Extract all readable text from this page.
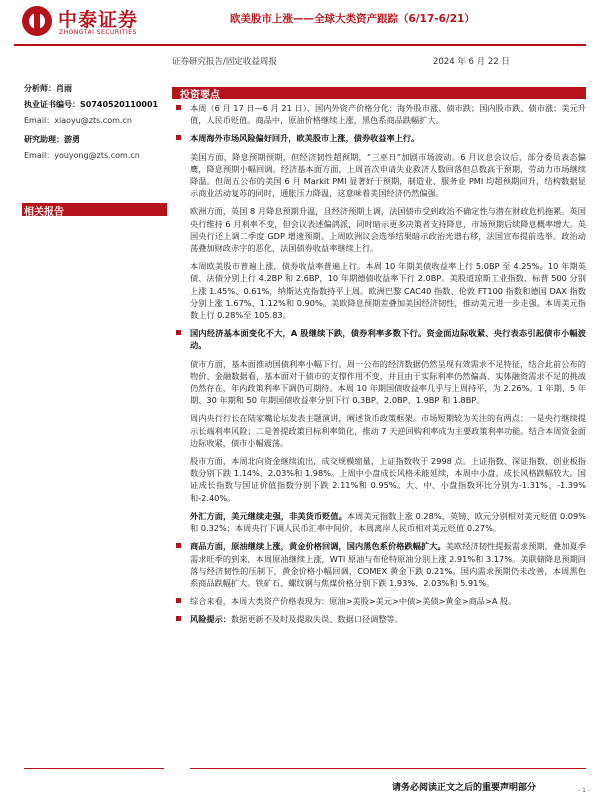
中泰证券
ZHONGTAI SECURITIES
欧美股市上涨——全球大类资产跟踪（6/17-6/21）
证券研究报告/固定收益周报	2024 年 6 月 22 日
分析师：肖雨
执业证书编号：S0740520110001
Email：xiaoyu@zts.com.cn
研究助理：游勇
Email：youyong@zts.com.cn
相关报告
投资要点
本周（6 月 17 日—6 月 21 日），国内外资产价格分化：海外股市涨、债市跌；国内股市跌、债市涨；美元升值，人民币贬值。商品中，原油价格继续上涨，黑色系商品跌幅扩大。
本周海外市场风险偏好回升，欧美股市上涨，债券收益率上行。
美国方面，降息预期预期，但经济韧性超预期，“三巫日”加剧市场波动。6 月议息会议后，部分委员表态偏鹰，降息预期小幅回调。经济基本面方面，上周首次申请失业救济人数回落但总数高于预期，劳动力市场继续降温。但周五公布的美国 6 月 Markit PMI 显著好于预期，制造业、服务业 PMI 均超预期回升，结构数据显示商业活动复苏的同时，通胀压力降温，这意味着美国经济仍然偏强。
欧洲方面，英国 8 月降息预期升温，且经济预期上调，法国债市受到政治不确定性与潜在财政危机拖累。英国央行维持 6 月利率不变，但会议表述偏鸽派，同时暗示更多决策者支持降息，市场预期后续降息概率增大。英国央行还上调二季度 GDP 增速预期。上周欧洲议会选举结果暗示政治光谱右移，法国宣布提前选举。政治动荡叠加财政赤字的恶化，法国债券收益率继续上行。
本周欧美股市普遍上涨，债券收益率普遍上行。本周 10 年期美债收益率上行 5.0BP 至 4.25%。10 年期英债、法债分别上行 4.2BP 和 2.6BP，10 年期德债收益率下行 2.0BP。美股道琼斯工业指数、标普 500 分别上涨 1.45%、0.61%，纳斯达克指数持平上周。欧洲巴黎 CAC40 指数、伦敦 FT100 指数和德国 DAX 指数分别上涨 1.67%、1.12%和 0.90%。美欧降息预期差叠加美国经济韧性，推动美元进一步走强。本周美元指数上行 0.28%至 105.83。
国内经济基本面变化不大，A 股继续下跌，债券利率多数下行。资金面边际收紧、央行表态引起债市小幅波动。
债市方面，基本面推动国债利率小幅下行。周一公布的经济数据仍然呈现有效需求不足特征，结合此前公布的物价、金融数据看，基本面对于债市的支撑作用不变，并且由于实际利率仍然偏高、实体融资需求不足的挑战仍然存在，年内政策利率下调仍可期待。本周 10 年期国债收益率几乎与上周持平，为 2.26%。1 年期、5 年期、30 年期和 50 年期国债收益率分别下行 0.3BP、2.0BP、1.9BP 和 1.8BP。
周内央行行长在陆家嘴论坛发表主题演讲，阐述货币政策框架。市场短期较为关注的有两点：一是央行继续提示长端利率风险；二是普提政策目标利率简化，推动 7 天逆回购利率成为主要政策利率功能。结合本周资金面边际收紧，债市小幅震荡。
股市方面，本周北向资金继续流出，成交规模缩量，上证指数收于 2998 点。上证指数、深证指数、创业板指数分别下跌 1.14%、2.03%和 1.98%。上周中小盘成长风格未能延续，本周中小盘、成长风格跌幅较大。国证成长指数与国证价值指数分别下跌 2.11%和 0.95%。大、中、小盘指数环比分别为-1.31%、-1.39%和-2.40%。
外汇方面，美元继续走强，非美货币贬值。本周美元指数上涨 0.28%，英镑、欧元分别相对美元贬值 0.09%和 0.32%；本周央行下调人民币汇率中间价，本周离岸人民币相对美元贬值 0.27%。
商品方面，原油继续上涨，黄金价格回调，国内黑色系价格跌幅扩大。美欧经济韧性提振需求预期，叠加夏季需求旺季的到来，本周原油继续上涨，WTI 原油与布伦特原油分别上涨 2.91%和 3.17%。美联储降息预期回落与经济韧性的压制下，黄金价格小幅回调，COMEX 黄金下跌 0.21%。国内需求预期仍未改善，本周黑色系商品跌幅扩大。铁矿石、螺纹钢与焦煤价格分别下跌 1.93%、2.03%和 5.91%。
综合来看，本周大类资产价格表现为：原油>美股>美元>中债>美债>黄金>商品>A 股。
风险提示：数据更新不及时及提取失误、数据口径调整等。
请务必阅读正文之后的重要声明部分	- 1 -
